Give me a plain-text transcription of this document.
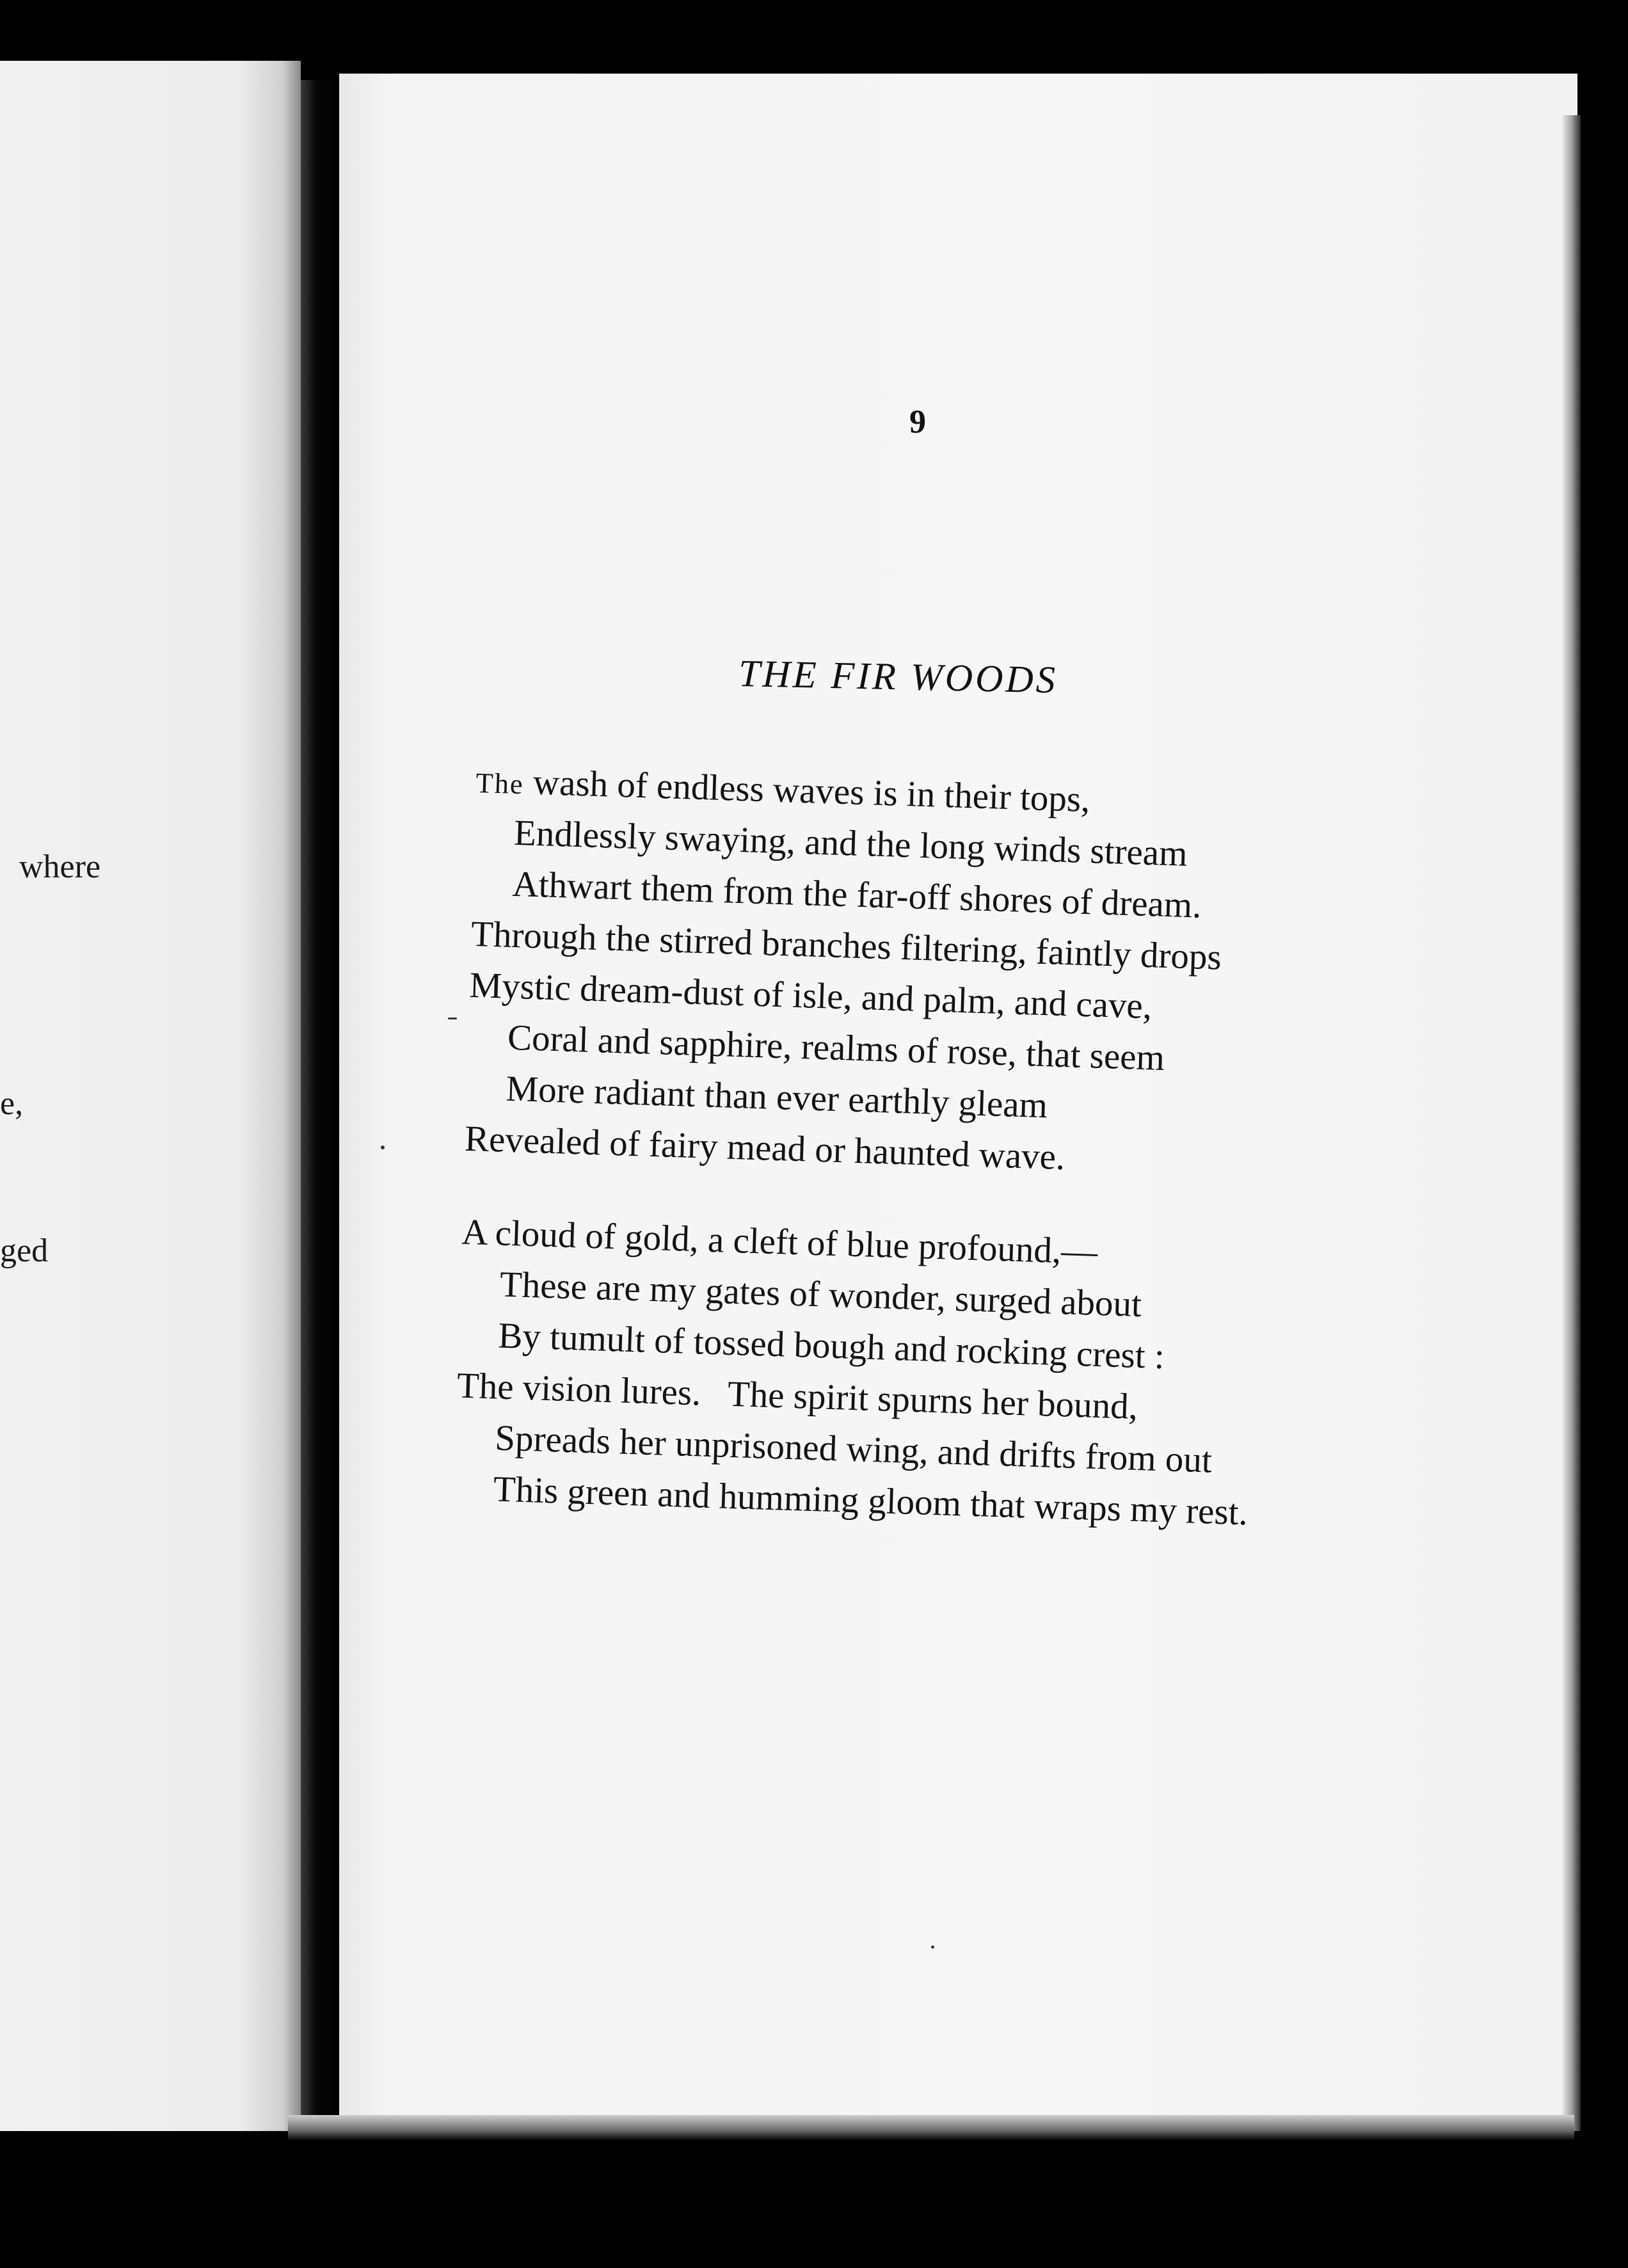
where
e,
ged
9
THE FIR WOODS
The wash of endless waves is in their tops,
Endlessly swaying, and the long winds stream
Athwart them from the far-off shores of dream.
Through the stirred branches filtering, faintly drops
Mystic dream-dust of isle, and palm, and cave,
Coral and sapphire, realms of rose, that seem
More radiant than ever earthly gleam
Revealed of fairy mead or haunted wave.
A cloud of gold, a cleft of blue profound,—
These are my gates of wonder, surged about
By tumult of tossed bough and rocking crest :
The vision lures.   The spirit spurns her bound,
Spreads her unprisoned wing, and drifts from out
This green and humming gloom that wraps my rest.
